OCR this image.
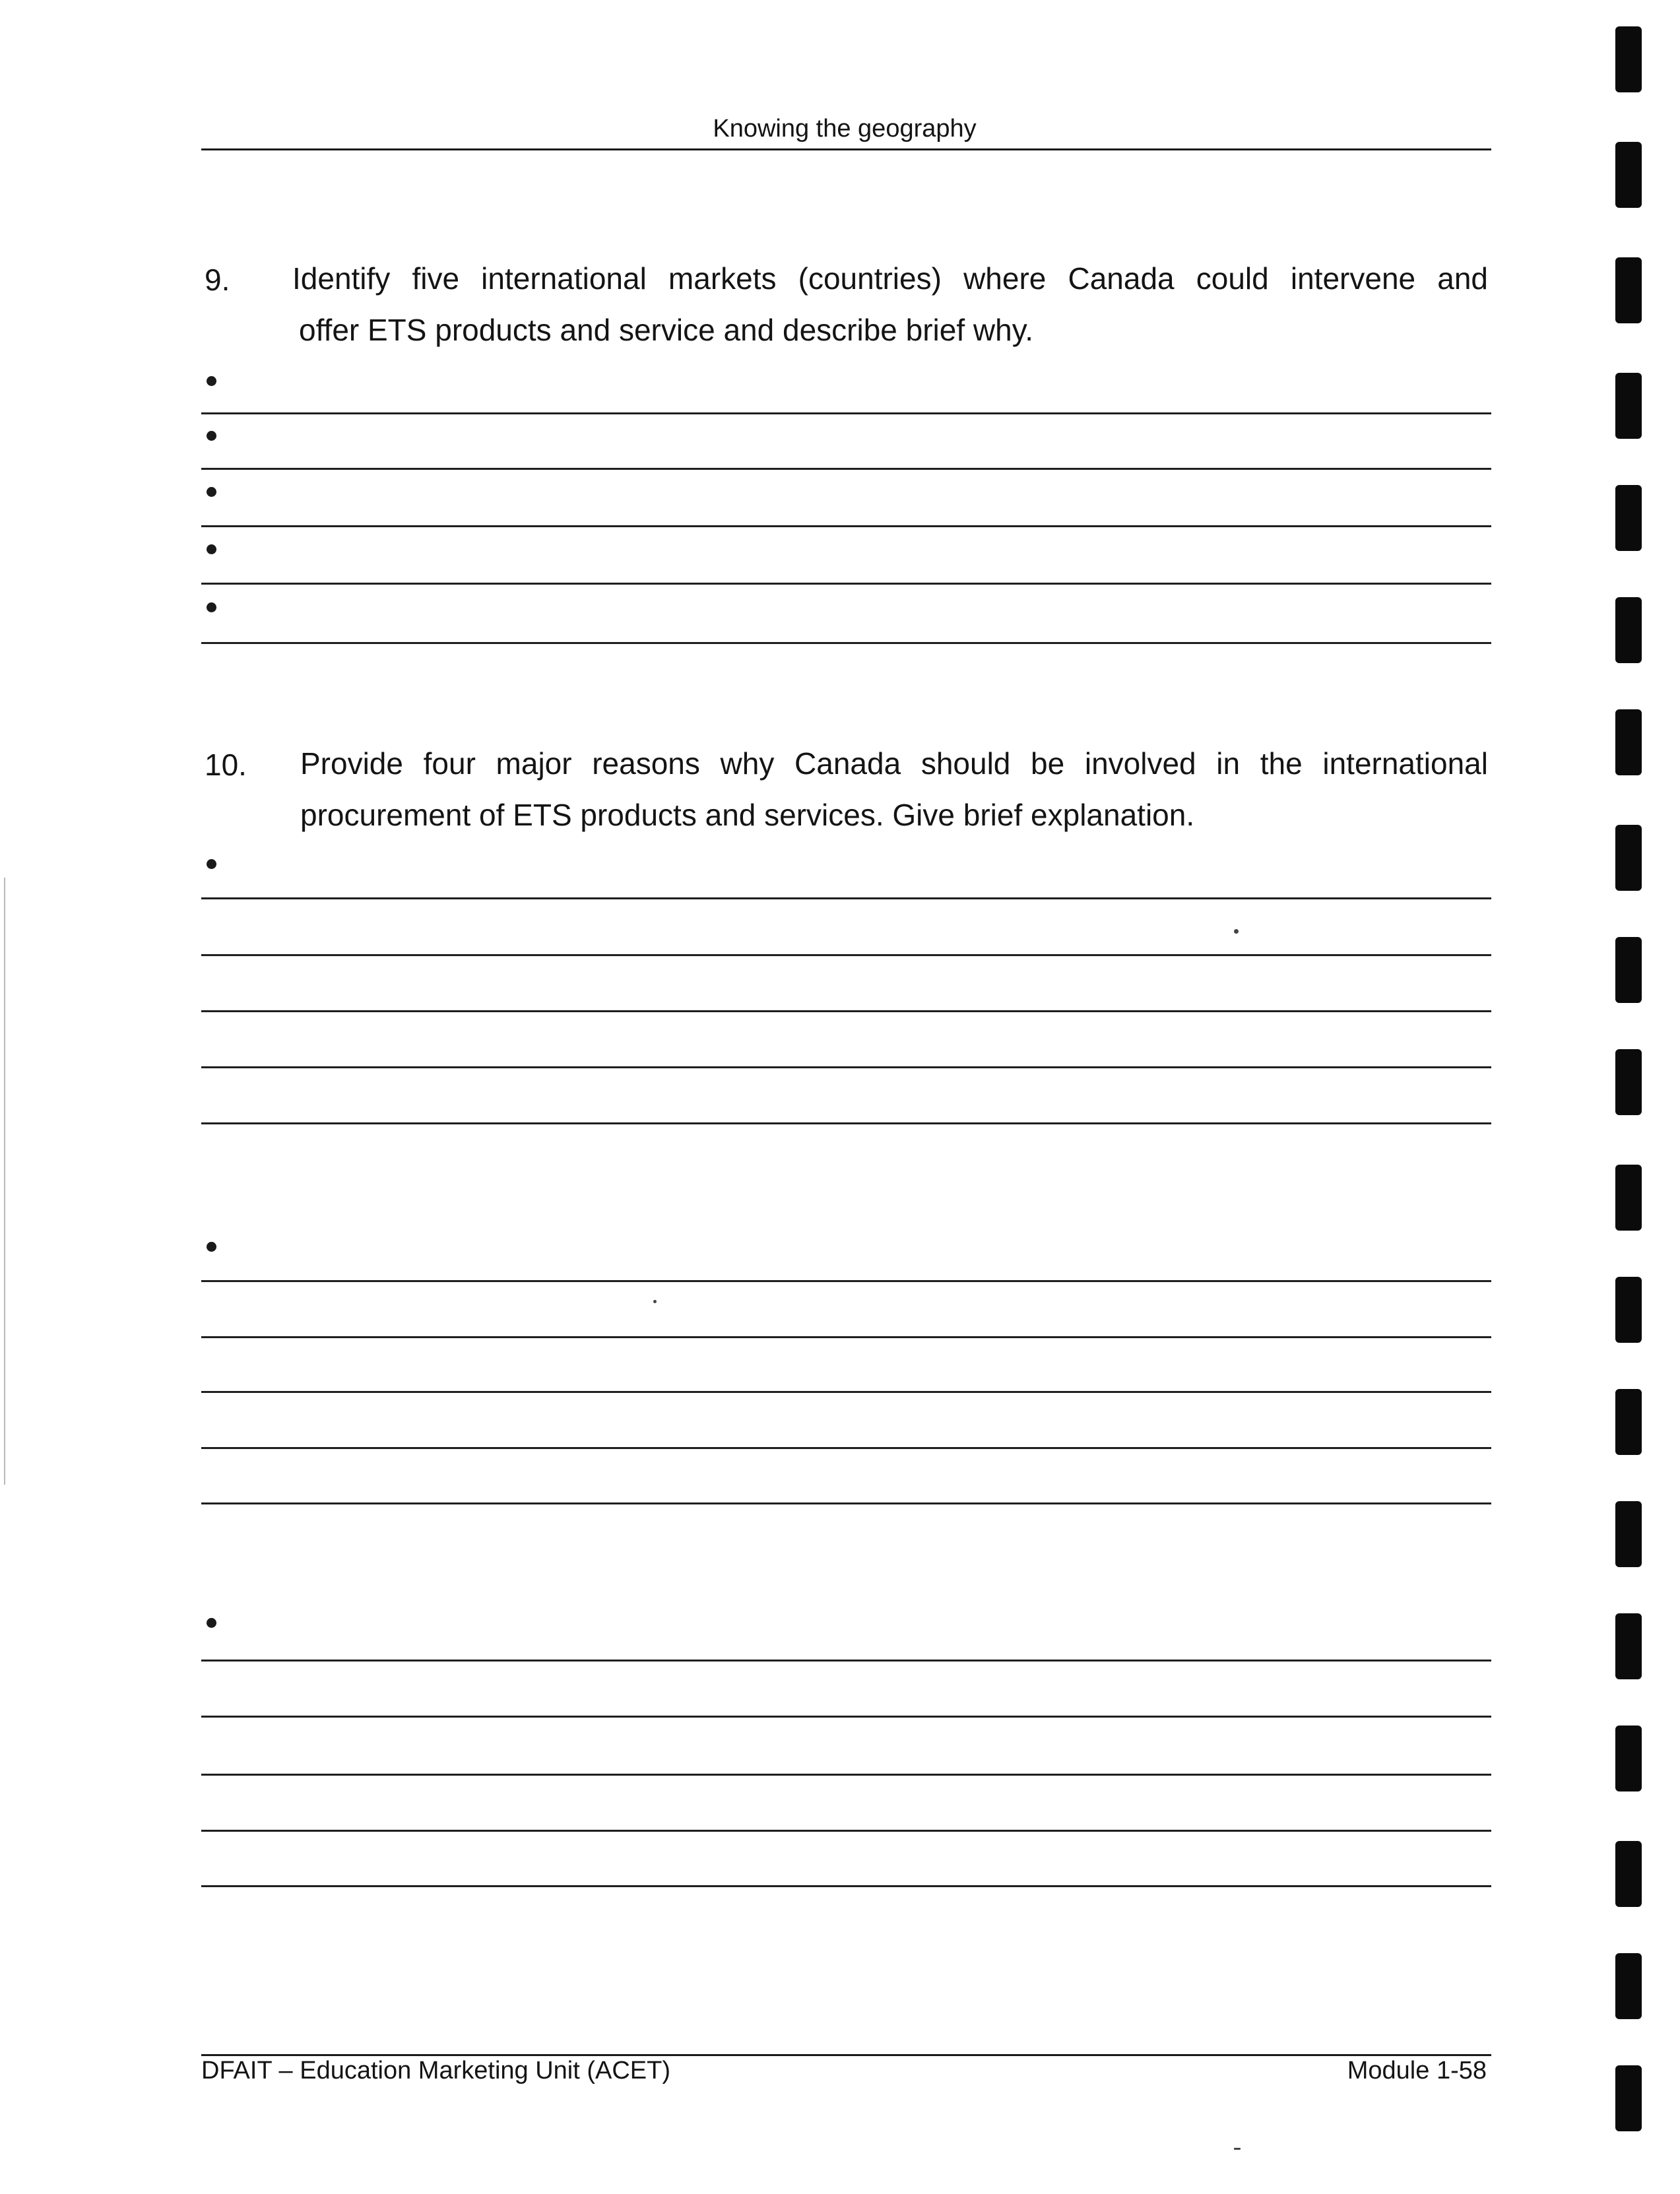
Knowing the geography
9. Identify five international markets (countries) where Canada could intervene and
offer ETS products and service and describe brief why.
10. Provide four major reasons why Canada should be involved in the international
procurement of ETS products and services. Give brief explanation.
DFAIT – Education Marketing Unit (ACET)	Module 1-58
